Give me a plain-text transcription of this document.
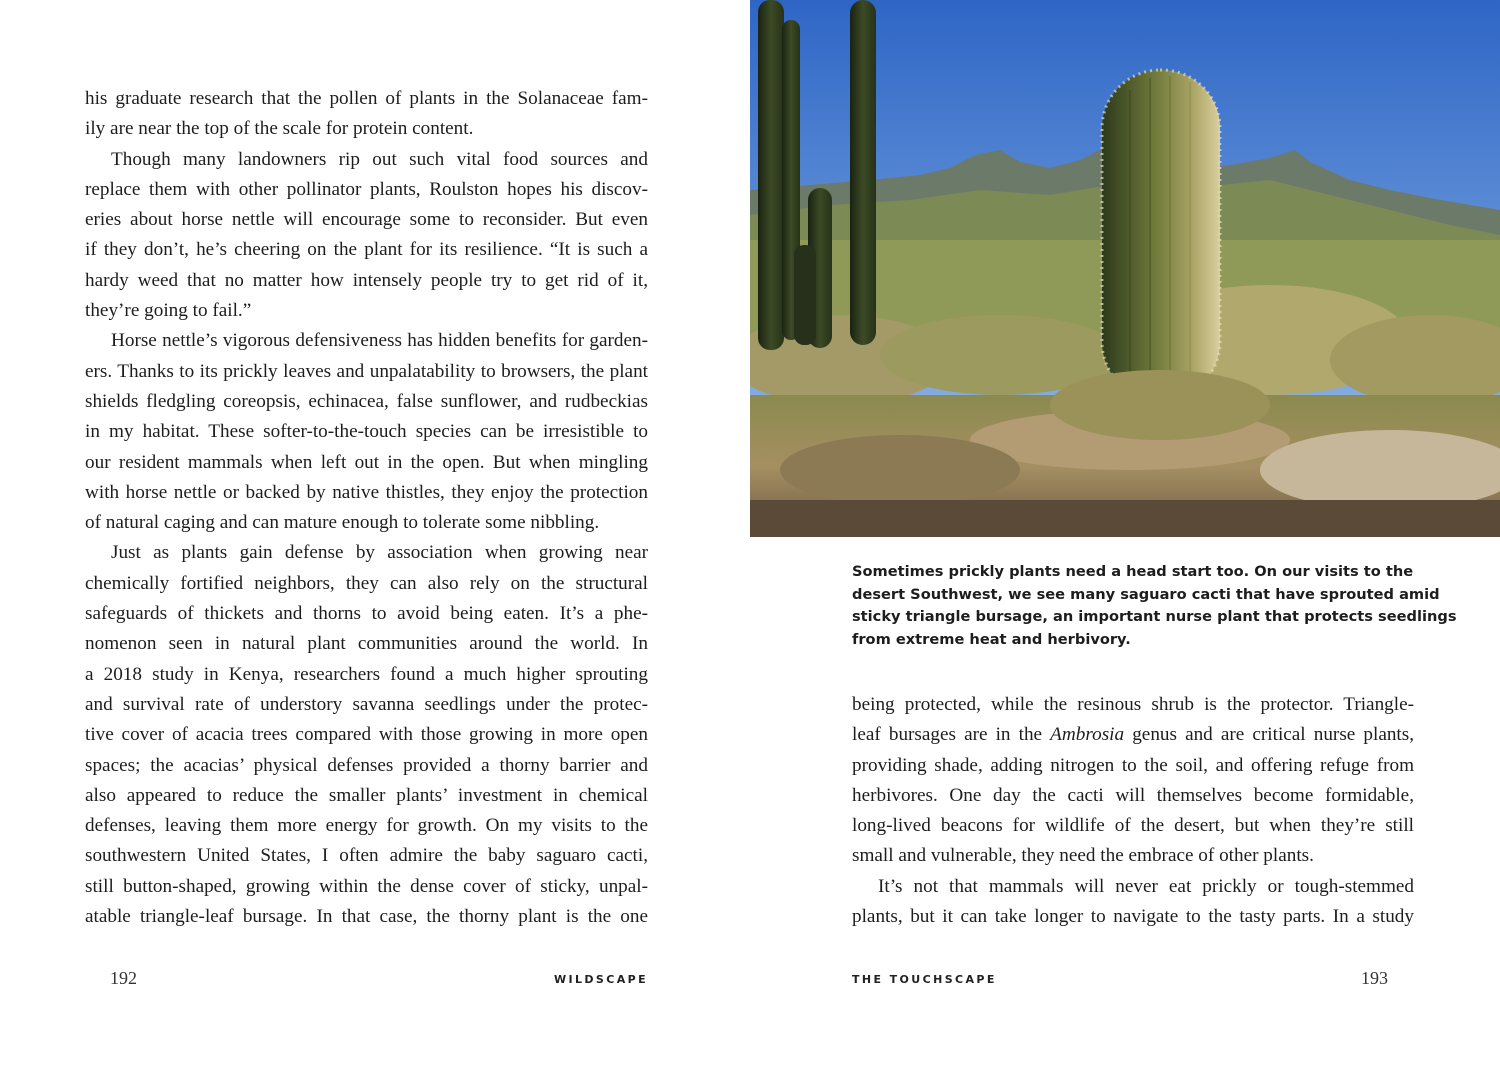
his graduate research that the pollen of plants in the Solanaceae fam-
ily are near the top of the scale for protein content.
Though many landowners rip out such vital food sources and
replace them with other pollinator plants, Roulston hopes his discov-
eries about horse nettle will encourage some to reconsider. But even
if they don’t, he’s cheering on the plant for its resilience. “It is such a
hardy weed that no matter how intensely people try to get rid of it,
they’re going to fail.”
Horse nettle’s vigorous defensiveness has hidden benefits for garden-
ers. Thanks to its prickly leaves and unpalatability to browsers, the plant
shields fledgling coreopsis, echinacea, false sunflower, and rudbeckias
in my habitat. These softer-to-the-touch species can be irresistible to
our resident mammals when left out in the open. But when mingling
with horse nettle or backed by native thistles, they enjoy the protection
of natural caging and can mature enough to tolerate some nibbling.
Just as plants gain defense by association when growing near
chemically fortified neighbors, they can also rely on the structural
safeguards of thickets and thorns to avoid being eaten. It’s a phe-
nomenon seen in natural plant communities around the world. In
a 2018 study in Kenya, researchers found a much higher sprouting
and survival rate of understory savanna seedlings under the protec-
tive cover of acacia trees compared with those growing in more open
spaces; the acacias’ physical defenses provided a thorny barrier and
also appeared to reduce the smaller plants’ investment in chemical
defenses, leaving them more energy for growth. On my visits to the
southwestern United States, I often admire the baby saguaro cacti,
still button-shaped, growing within the dense cover of sticky, unpal-
atable triangle-leaf bursage. In that case, the thorny plant is the one

192	WILDSCAPE

Sometimes prickly plants need a head start too. On our visits to the
desert Southwest, we see many saguaro cacti that have sprouted amid
sticky triangle bursage, an important nurse plant that protects seedlings
from extreme heat and herbivory.

being protected, while the resinous shrub is the protector. Triangle-
leaf bursages are in the Ambrosia genus and are critical nurse plants,
providing shade, adding nitrogen to the soil, and offering refuge from
herbivores. One day the cacti will themselves become formidable,
long-lived beacons for wildlife of the desert, but when they’re still
small and vulnerable, they need the embrace of other plants.
It’s not that mammals will never eat prickly or tough-stemmed
plants, but it can take longer to navigate to the tasty parts. In a study

THE TOUCHSCAPE	193
